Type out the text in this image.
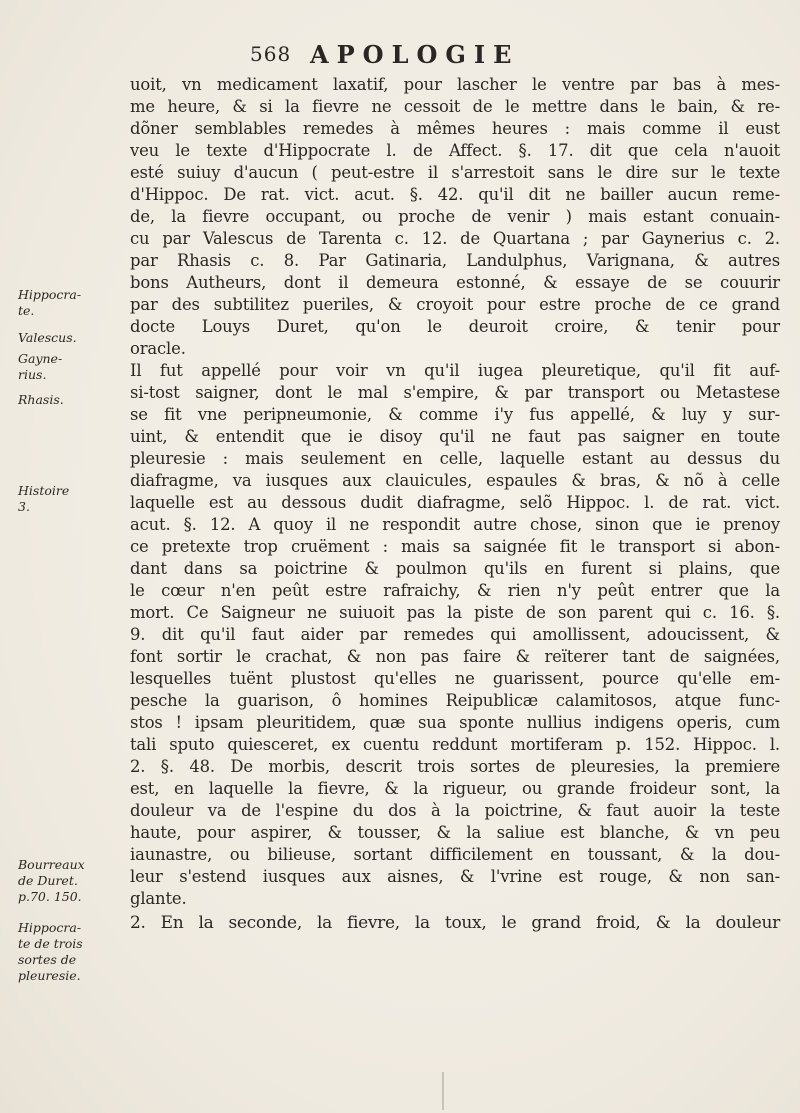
568 APOLOGIE
Hippocra-
te.
Valescus.
Gayne-
rius.
Rhasis.
Histoire
3.
Bourreaux
de Duret.
p.70. 150.
Hippocra-
te de trois
sortes de
pleuresie.
uoit, vn medicament laxatif, pour lascher le ventre par bas à mes-
me heure, & si la fievre ne cessoit de le mettre dans le bain, & re-
dõner semblables remedes à mêmes heures : mais comme il eust
veu le texte d'Hippocrate l. de Affect. §. 17. dit que cela n'auoit
esté suiuy d'aucun ( peut-estre il s'arrestoit sans le dire sur le texte
d'Hippoc. De rat. vict. acut. §. 42. qu'il dit ne bailler aucun reme-
de, la fievre occupant, ou proche de venir ) mais estant conuain-
cu par Valescus de Tarenta c. 12. de Quartana ; par Gaynerius c. 2.
par Rhasis c. 8. Par Gatinaria, Landulphus, Varignana, & autres
bons Autheurs, dont il demeura estonné, & essaye de se couurir
par des subtilitez pueriles, & croyoit pour estre proche de ce grand
docte Louys Duret, qu'on le deuroit croire, & tenir pour
oracle.
Il fut appellé pour voir vn qu'il iugea pleuretique, qu'il fit auf-
si-tost saigner, dont le mal s'empire, & par transport ou Metastese
se fit vne peripneumonie, & comme i'y fus appellé, & luy y sur-
uint, & entendit que ie disoy qu'il ne faut pas saigner en toute
pleuresie : mais seulement en celle, laquelle estant au dessus du
diafragme, va iusques aux clauicules, espaules & bras, & nõ à celle
laquelle est au dessous dudit diafragme, selõ Hippoc. l. de rat. vict.
acut. §. 12. A quoy il ne respondit autre chose, sinon que ie prenoy
ce pretexte trop cruëment : mais sa saignée fit le transport si abon-
dant dans sa poictrine & poulmon qu'ils en furent si plains, que
le cœur n'en peût estre rafraichy, & rien n'y peût entrer que la
mort. Ce Saigneur ne suiuoit pas la piste de son parent qui c. 16. §.
9. dit qu'il faut aider par remedes qui amollissent, adoucissent, &
font sortir le crachat, & non pas faire & reïterer tant de saignées,
lesquelles tuënt plustost qu'elles ne guarissent, pource qu'elle em-
pesche la guarison, ô homines Reipublicæ calamitosos, atque func-
stos ! ipsam pleuritidem, quæ sua sponte nullius indigens operis, cum
tali sputo quiesceret, ex cuentu reddunt mortiferam p. 152. Hippoc. l.
2. §. 48. De morbis, descrit trois sortes de pleuresies, la premiere
est, en laquelle la fievre, & la rigueur, ou grande froideur sont, la
douleur va de l'espine du dos à la poictrine, & faut auoir la teste
haute, pour aspirer, & tousser, & la saliue est blanche, & vn peu
iaunastre, ou bilieuse, sortant difficilement en toussant, & la dou-
leur s'estend iusques aux aisnes, & l'vrine est rouge, & non san-
glante.
2. En la seconde, la fievre, la toux, le grand froid, & la douleur
